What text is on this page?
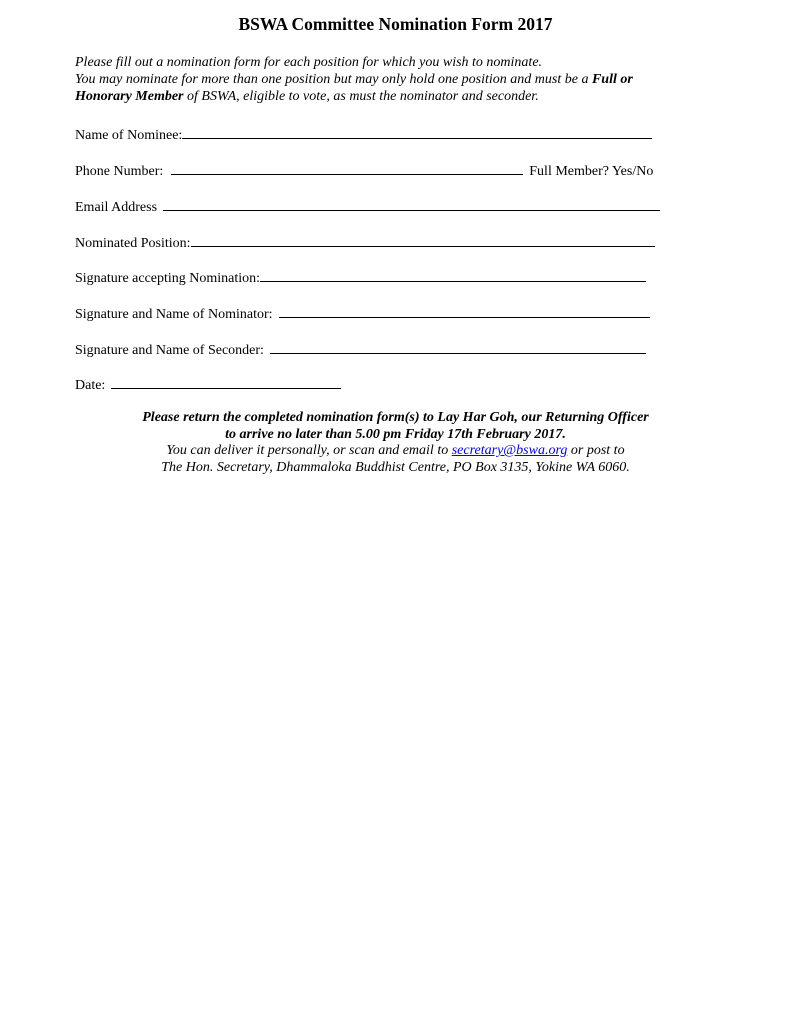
BSWA Committee Nomination Form 2017

Please fill out a nomination form for each position for which you wish to nominate.

You may nominate for more than one position but may only hold one position and must be a Full or

Honorary Member of BSWA, eligible to vote, as must the nominator and seconder.

Name of Nominee:
Phone Number:	Full Member? Yes/No
Email Address
Nominated Position:
Signature accepting Nomination:
Signature and Name of Nominator:
Signature and Name of Seconder:
Date:

Please return the completed nomination form(s) to Lay Har Goh, our Returning Officer

to arrive no later than 5.00 pm Friday 17th February 2017.

You can deliver it personally, or scan and email to secretary@bswa.org or post to

The Hon. Secretary, Dhammaloka Buddhist Centre, PO Box 3135, Yokine WA 6060.
